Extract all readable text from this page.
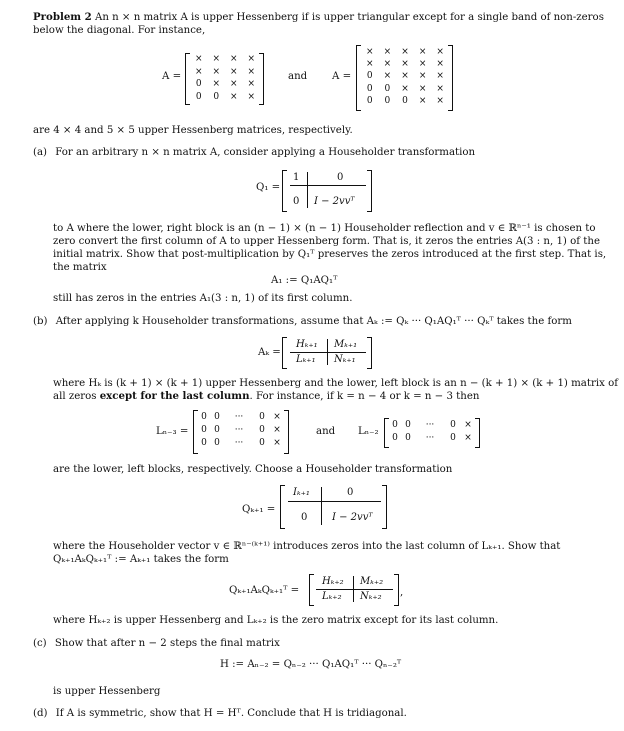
Problem 2 An n × n matrix A is upper Hessenberg if is upper triangular except for a single band of non-zeros
below the diagonal. For instance,
A =
×	×	×	×
×	×	×	×
0	×	×	×
0	0	×	×
and A =
×	×	×	×	×
×	×	×	×	×
0	×	×	×	×
0	0	×	×	×
0	0	0	×	×
are 4 × 4 and 5 × 5 upper Hessenberg matrices, respectively.
(a) For an arbitrary n × n matrix A, consider applying a Householder transformation
Q₁ =
1	0
0 I − 2vvᵀ
to A where the lower, right block is an (n − 1) × (n − 1) Householder reflection and v ∈ ℝⁿ⁻¹ is chosen to
zero convert the first column of A to upper Hessenberg form. That is, it zeros the entries A(3 : n, 1) of the
initial matrix. Show that post-multiplication by Q₁ᵀ preserves the zeros introduced at the first step. That is,
the matrix
A₁ := Q₁AQ₁ᵀ
still has zeros in the entries A₁(3 : n, 1) of its first column.
(b) After applying k Householder transformations, assume that Aₖ := Qₖ ··· Q₁AQ₁ᵀ ··· Qₖᵀ takes the form
Aₖ =
Hₖ₊₁ Mₖ₊₁
Lₖ₊₁ Nₖ₊₁
where Hₖ is (k + 1) × (k + 1) upper Hessenberg and the lower, left block is an n − (k + 1) × (k + 1) matrix of
all zeros except for the last column. For instance, if k = n − 4 or k = n − 3 then
Lₙ₋₃ =
0 0	···	0 ×
0 0	···	0 ×
0 0	···	0 ×
and Lₙ₋₂
0 0	···	0 ×
0 0	···	0 ×
are the lower, left blocks, respectively. Choose a Householder transformation
Qₖ₊₁ =
Iₖ₊₁	0
0 I − 2vvᵀ
where the Householder vector v ∈ ℝⁿ⁻⁽ᵏ⁺¹⁾ introduces zeros into the last column of Lₖ₊₁. Show that
Qₖ₊₁AₖQₖ₊₁ᵀ := Aₖ₊₁ takes the form
Qₖ₊₁AₖQₖ₊₁ᵀ =
Hₖ₊₂ Mₖ₊₂
Lₖ₊₂ Nₖ₊₂ ,
where Hₖ₊₂ is upper Hessenberg and Lₖ₊₂ is the zero matrix except for its last column.
(c) Show that after n − 2 steps the final matrix
H := Aₙ₋₂ = Qₙ₋₂ ··· Q₁AQ₁ᵀ ··· Qₙ₋₂ᵀ
is upper Hessenberg
(d) If A is symmetric, show that H = Hᵀ. Conclude that H is tridiagonal.
